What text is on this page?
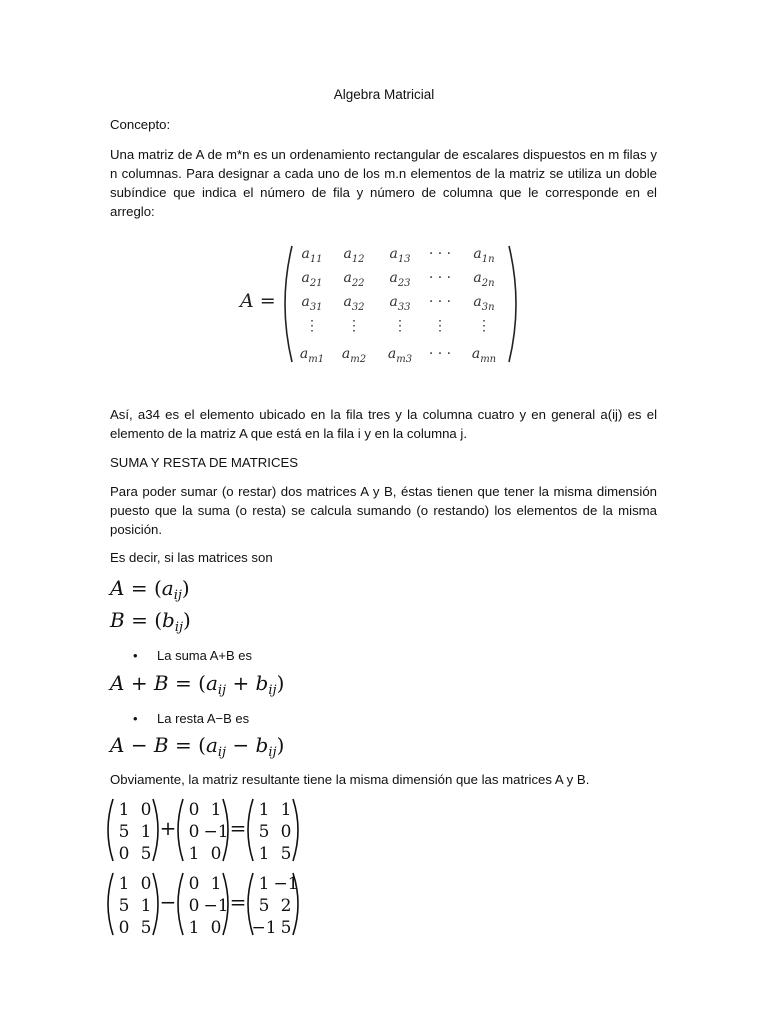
Algebra Matricial
Concepto:
Una matriz de A de m*n es un ordenamiento rectangular de escalares dispuestos en m filas y n columnas. Para designar a cada uno de los m.n elementos de la matriz se utiliza un doble subíndice que indica el número de fila y número de columna que le corresponde en el arreglo:
A =
$a_{11}$ $a_{12}$ $a_{13}$ · · · $a_{1n}$
$a_{21}$ $a_{22}$ $a_{23}$ · · · $a_{2n}$
$a_{31}$ $a_{32}$ $a_{33}$ · · · $a_{3n}$
⋮ ⋮ ⋮ ⋮ ⋮
$a_{m1}$ $a_{m2}$ $a_{m3}$ · · · $a_{mn}$
Así, a34 es el elemento ubicado en la fila tres y la columna cuatro y en general a(ij) es el elemento de la matriz A que está en la fila i y en la columna j.
SUMA Y RESTA DE MATRICES
Para poder sumar (o restar) dos matrices A y B, éstas tienen que tener la misma dimensión puesto que la suma (o resta) se calcula sumando (o restando) los elementos de la misma posición.
Es decir, si las matrices son
$A = (a_{ij})$
$B = (b_{ij})$
• La suma A+B es
$A + B = (a_{ij} + b_{ij})$
• La resta A−B es
$A - B = (a_{ij} - b_{ij})$
Obviamente, la matriz resultante tiene la misma dimensión que las matrices A y B.
1 0
5 1
0 5
+
0 1
0 −1
1 0
=
1 1
5 0
1 5
1 0
5 1
0 5
−
0 1
0 −1
1 0
=
1 −1
5 2
−1 5
